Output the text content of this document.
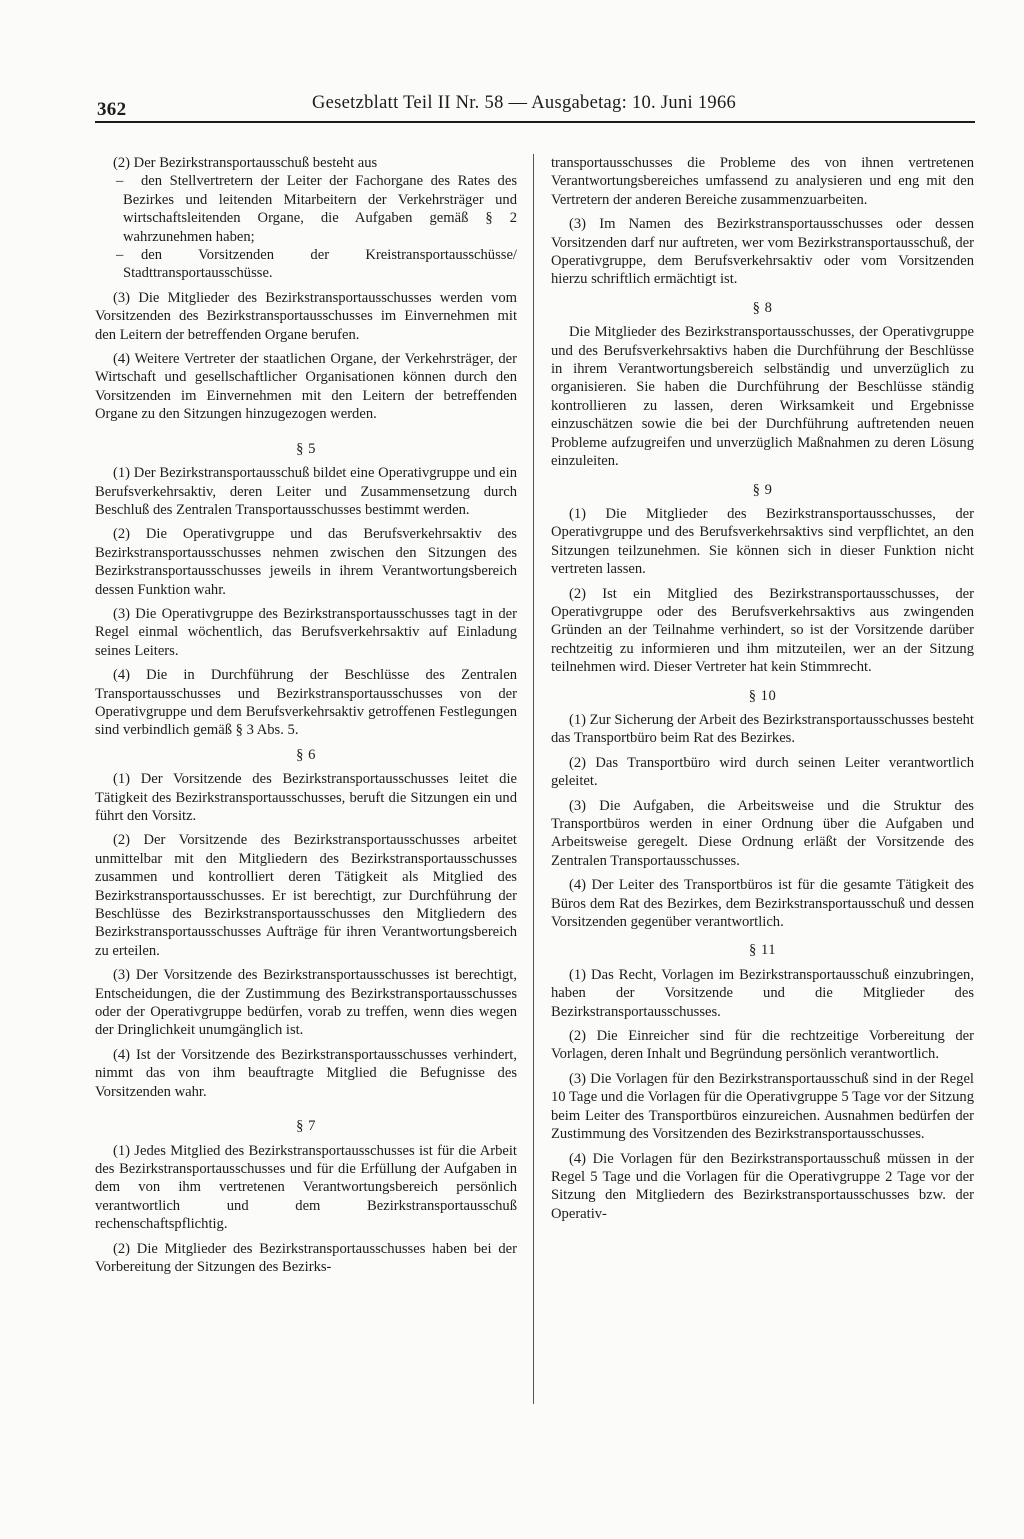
362	Gesetzblatt Teil II Nr. 58 — Ausgabetag: 10. Juni 1966

(2) Der Bezirkstransportausschuß besteht aus

– den Stellvertretern der Leiter der Fachorgane des Rates des Bezirkes und leitenden Mitarbeitern der Verkehrsträger und wirtschaftsleitenden Organe, die Aufgaben gemäß § 2 wahrzunehmen haben;

– den Vorsitzenden der Kreistransportausschüsse/ Stadttransportausschüsse.

(3) Die Mitglieder des Bezirkstransportausschusses werden vom Vorsitzenden des Bezirkstransportausschusses im Einvernehmen mit den Leitern der betreffenden Organe berufen.

(4) Weitere Vertreter der staatlichen Organe, der Verkehrsträger, der Wirtschaft und gesellschaftlicher Organisationen können durch den Vorsitzenden im Einvernehmen mit den Leitern der betreffenden Organe zu den Sitzungen hinzugezogen werden.

§ 5

(1) Der Bezirkstransportausschuß bildet eine Operativgruppe und ein Berufsverkehrsaktiv, deren Leiter und Zusammensetzung durch Beschluß des Zentralen Transportausschusses bestimmt werden.

(2) Die Operativgruppe und das Berufsverkehrsaktiv des Bezirkstransportausschusses nehmen zwischen den Sitzungen des Bezirkstransportausschusses jeweils in ihrem Verantwortungsbereich dessen Funktion wahr.

(3) Die Operativgruppe des Bezirkstransportausschusses tagt in der Regel einmal wöchentlich, das Berufsverkehrsaktiv auf Einladung seines Leiters.

(4) Die in Durchführung der Beschlüsse des Zentralen Transportausschusses und Bezirkstransportausschusses von der Operativgruppe und dem Berufsverkehrsaktiv getroffenen Festlegungen sind verbindlich gemäß § 3 Abs. 5.

§ 6

(1) Der Vorsitzende des Bezirkstransportausschusses leitet die Tätigkeit des Bezirkstransportausschusses, beruft die Sitzungen ein und führt den Vorsitz.

(2) Der Vorsitzende des Bezirkstransportausschusses arbeitet unmittelbar mit den Mitgliedern des Bezirkstransportausschusses zusammen und kontrolliert deren Tätigkeit als Mitglied des Bezirkstransportausschusses. Er ist berechtigt, zur Durchführung der Beschlüsse des Bezirkstransportausschusses den Mitgliedern des Bezirkstransportausschusses Aufträge für ihren Verantwortungsbereich zu erteilen.

(3) Der Vorsitzende des Bezirkstransportausschusses ist berechtigt, Entscheidungen, die der Zustimmung des Bezirkstransportausschusses oder der Operativgruppe bedürfen, vorab zu treffen, wenn dies wegen der Dringlichkeit unumgänglich ist.

(4) Ist der Vorsitzende des Bezirkstransportausschusses verhindert, nimmt das von ihm beauftragte Mitglied die Befugnisse des Vorsitzenden wahr.

§ 7

(1) Jedes Mitglied des Bezirkstransportausschusses ist für die Arbeit des Bezirkstransportausschusses und für die Erfüllung der Aufgaben in dem von ihm vertretenen Verantwortungsbereich persönlich verantwortlich und dem Bezirkstransportausschuß rechenschaftspflichtig.

(2) Die Mitglieder des Bezirkstransportausschusses haben bei der Vorbereitung der Sitzungen des Bezirks-

transportausschusses die Probleme des von ihnen vertretenen Verantwortungsbereiches umfassend zu analysieren und eng mit den Vertretern der anderen Bereiche zusammenzuarbeiten.

(3) Im Namen des Bezirkstransportausschusses oder dessen Vorsitzenden darf nur auftreten, wer vom Bezirkstransportausschuß, der Operativgruppe, dem Berufsverkehrsaktiv oder vom Vorsitzenden hierzu schriftlich ermächtigt ist.

§ 8

Die Mitglieder des Bezirkstransportausschusses, der Operativgruppe und des Berufsverkehrsaktivs haben die Durchführung der Beschlüsse in ihrem Verantwortungsbereich selbständig und unverzüglich zu organisieren. Sie haben die Durchführung der Beschlüsse ständig kontrollieren zu lassen, deren Wirksamkeit und Ergebnisse einzuschätzen sowie die bei der Durchführung auftretenden neuen Probleme aufzugreifen und unverzüglich Maßnahmen zu deren Lösung einzuleiten.

§ 9

(1) Die Mitglieder des Bezirkstransportausschusses, der Operativgruppe und des Berufsverkehrsaktivs sind verpflichtet, an den Sitzungen teilzunehmen. Sie können sich in dieser Funktion nicht vertreten lassen.

(2) Ist ein Mitglied des Bezirkstransportausschusses, der Operativgruppe oder des Berufsverkehrsaktivs aus zwingenden Gründen an der Teilnahme verhindert, so ist der Vorsitzende darüber rechtzeitig zu informieren und ihm mitzuteilen, wer an der Sitzung teilnehmen wird. Dieser Vertreter hat kein Stimmrecht.

§ 10

(1) Zur Sicherung der Arbeit des Bezirkstransportausschusses besteht das Transportbüro beim Rat des Bezirkes.

(2) Das Transportbüro wird durch seinen Leiter verantwortlich geleitet.

(3) Die Aufgaben, die Arbeitsweise und die Struktur des Transportbüros werden in einer Ordnung über die Aufgaben und Arbeitsweise geregelt. Diese Ordnung erläßt der Vorsitzende des Zentralen Transportausschusses.

(4) Der Leiter des Transportbüros ist für die gesamte Tätigkeit des Büros dem Rat des Bezirkes, dem Bezirkstransportausschuß und dessen Vorsitzenden gegenüber verantwortlich.

§ 11

(1) Das Recht, Vorlagen im Bezirkstransportausschuß einzubringen, haben der Vorsitzende und die Mitglieder des Bezirkstransportausschusses.

(2) Die Einreicher sind für die rechtzeitige Vorbereitung der Vorlagen, deren Inhalt und Begründung persönlich verantwortlich.

(3) Die Vorlagen für den Bezirkstransportausschuß sind in der Regel 10 Tage und die Vorlagen für die Operativgruppe 5 Tage vor der Sitzung beim Leiter des Transportbüros einzureichen. Ausnahmen bedürfen der Zustimmung des Vorsitzenden des Bezirkstransportausschusses.

(4) Die Vorlagen für den Bezirkstransportausschuß müssen in der Regel 5 Tage und die Vorlagen für die Operativgruppe 2 Tage vor der Sitzung den Mitgliedern des Bezirkstransportausschusses bzw. der Operativ-
